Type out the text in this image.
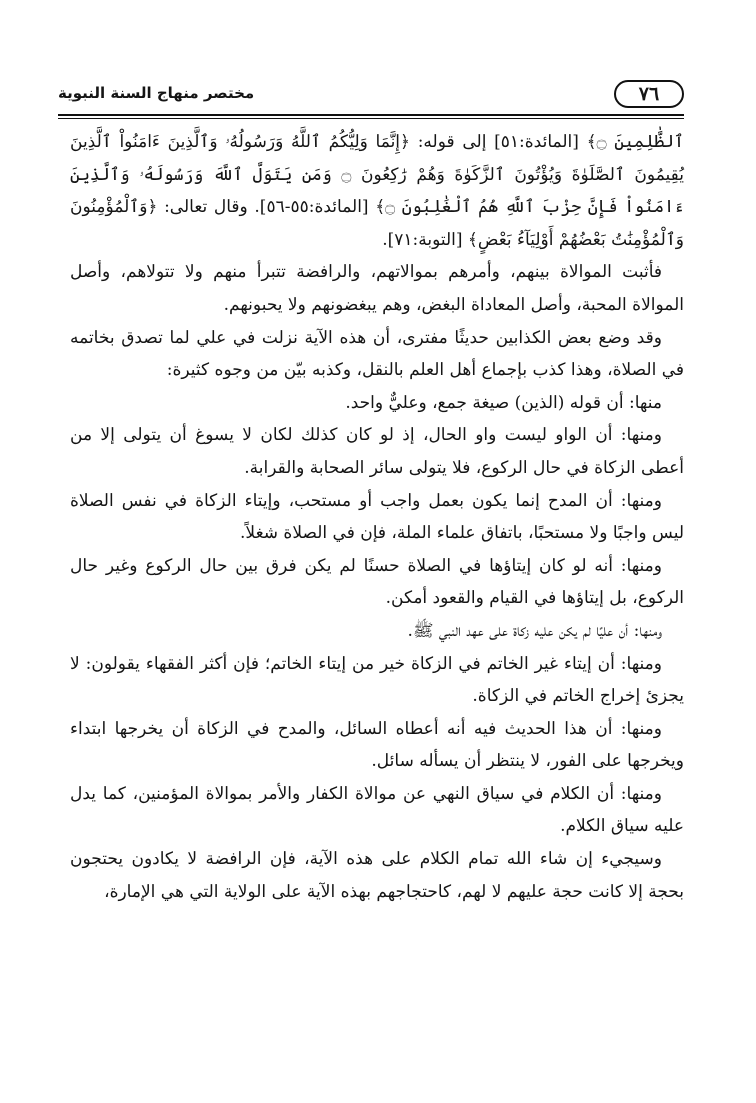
٧٦
مختصر منهاج السنة النبوية

ٱلظَّٰلِمِينَ ۝﴾ [المائدة:٥١] إلى قوله: ﴿إِنَّمَا وَلِيُّكُمُ ٱللَّهُ وَرَسُولُهُۥ وَٱلَّذِينَ ءَامَنُواْ ٱلَّذِينَ يُقِيمُونَ ٱلصَّلَوٰةَ وَيُؤْتُونَ ٱلزَّكَوٰةَ وَهُمْ رَٰكِعُونَ ۝ وَمَن يَتَوَلَّ ٱللَّهَ وَرَسُولَهُۥ وَٱلَّذِينَ ءَامَنُواْ فَإِنَّ حِزْبَ ٱللَّهِ هُمُ ٱلْغَٰلِبُونَ ۝﴾ [المائدة:٥٥-٥٦]. وقال تعالى: ﴿وَٱلْمُؤْمِنُونَ وَٱلْمُؤْمِنَٰتُ بَعْضُهُمْ أَوْلِيَآءُ بَعْضٍ﴾ [التوبة:٧١].

فأثبت الموالاة بينهم، وأمرهم بموالاتهم، والرافضة تتبرأ منهم ولا تتولاهم، وأصل الموالاة المحبة، وأصل المعاداة البغض، وهم يبغضونهم ولا يحبونهم.

وقد وضع بعض الكذابين حديثًا مفترى، أن هذه الآية نزلت في علي لما تصدق بخاتمه في الصلاة، وهذا كذب بإجماع أهل العلم بالنقل، وكذبه بيّن من وجوه كثيرة:

منها: أن قوله (الذين) صيغة جمع، وعليٌّ واحد.

ومنها: أن الواو ليست واو الحال، إذ لو كان كذلك لكان لا يسوغ أن يتولى إلا من أعطى الزكاة في حال الركوع، فلا يتولى سائر الصحابة والقرابة.

ومنها: أن المدح إنما يكون بعمل واجب أو مستحب، وإيتاء الزكاة في نفس الصلاة ليس واجبًا ولا مستحبًا، باتفاق علماء الملة، فإن في الصلاة شغلاً.

ومنها: أنه لو كان إيتاؤها في الصلاة حسنًا لم يكن فرق بين حال الركوع وغير حال الركوع، بل إيتاؤها في القيام والقعود أمكن.

ومنها: أن عليًا لم يكن عليه زكاة على عهد النبي ﷺ.

ومنها: أن إيتاء غير الخاتم في الزكاة خير من إيتاء الخاتم؛ فإن أكثر الفقهاء يقولون: لا يجزئ إخراج الخاتم في الزكاة.

ومنها: أن هذا الحديث فيه أنه أعطاه السائل، والمدح في الزكاة أن يخرجها ابتداء ويخرجها على الفور، لا ينتظر أن يسأله سائل.

ومنها: أن الكلام في سياق النهي عن موالاة الكفار والأمر بموالاة المؤمنين، كما يدل عليه سياق الكلام.

وسيجيء إن شاء الله تمام الكلام على هذه الآية، فإن الرافضة لا يكادون يحتجون بحجة إلا كانت حجة عليهم لا لهم، كاحتجاجهم بهذه الآية على الولاية التي هي الإمارة،
